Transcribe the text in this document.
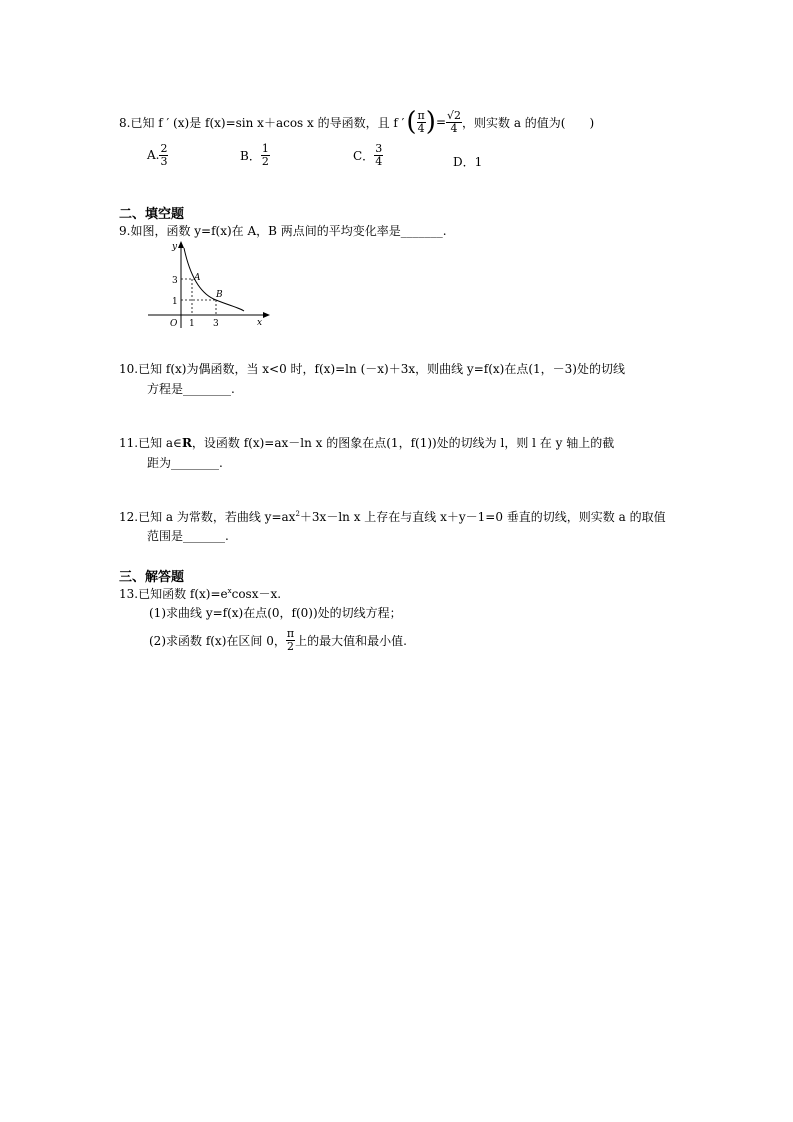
8.已知 f ′ (x)是 f(x)=sin x＋acos x 的导函数，且 f ′ ( $\frac{\pi}{4}$ ) = $\frac{√2}{4}$ ，则实数 a 的值为(　　)
A. $\frac{2}{3}$	B． $\frac{1}{2}$	C． $\frac{3}{4}$	D．1
二、填空题
9.如图，函数 y=f(x)在 A，B 两点间的平均变化率是_______.
y
x
O 1 3
3
1
A
B
10.已知 f(x)为偶函数，当 x<0 时，f(x)=ln (－x)＋3x，则曲线 y=f(x)在点(1，－3)处的切线
方程是________.
11.已知 a∈R，设函数 f(x)=ax－ln x 的图象在点(1，f(1))处的切线为 l，则 l 在 y 轴上的截
距为________.
12.已知 a 为常数，若曲线 $y=ax^2+3x-\ln$ x 上存在与直线 x＋y－1=0 垂直的切线，则实数 a 的取值
范围是_______.
三、解答题
13.已知函数 $f(x)=e^x\cos x-x$.
(1)求曲线 y=f(x)在点(0，f(0))处的切线方程；
(2)求函数 f(x)在区间 0， $\frac{\pi}{2}$ 上的最大值和最小值.
